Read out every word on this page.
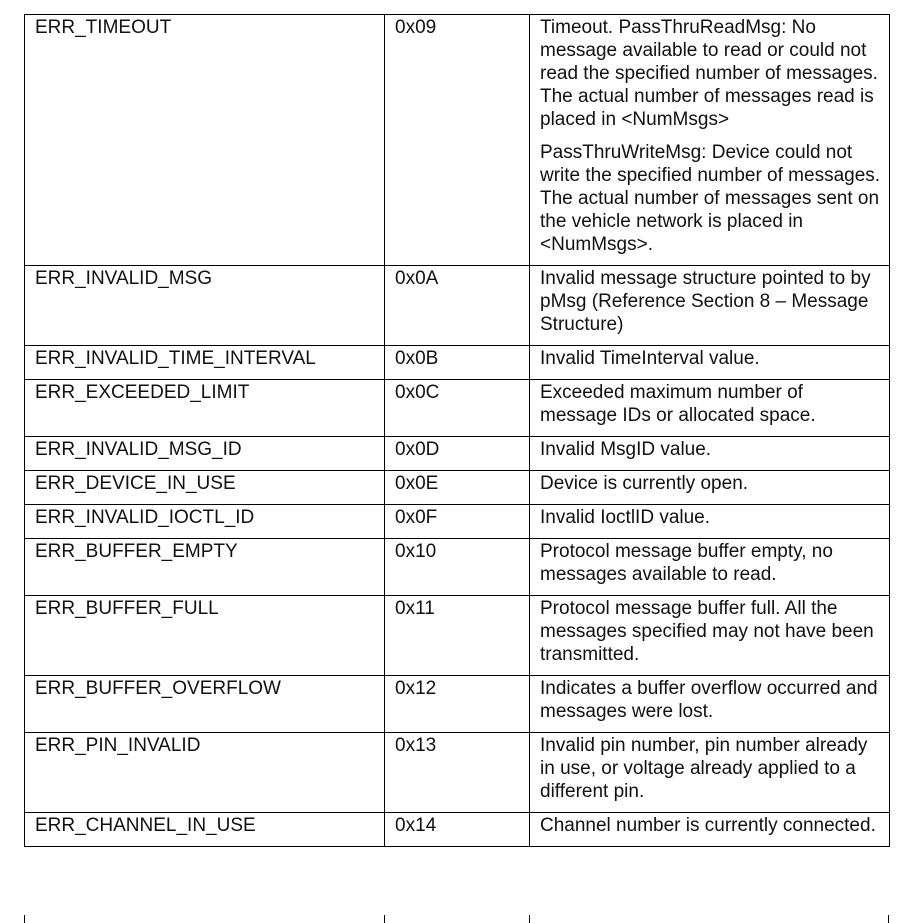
ERR_TIMEOUT	0x09	Timeout. PassThruReadMsg: No message available to read or could not read the specified number of messages. The actual number of messages read is placed in <NumMsgs>

PassThruWriteMsg: Device could not write the specified number of messages. The actual number of messages sent on the vehicle network is placed in <NumMsgs>.

ERR_INVALID_MSG	0x0A	Invalid message structure pointed to by pMsg (Reference Section 8 – Message Structure)

ERR_INVALID_TIME_INTERVAL	0x0B	Invalid TimeInterval value.

ERR_EXCEEDED_LIMIT	0x0C	Exceeded maximum number of message IDs or allocated space.

ERR_INVALID_MSG_ID	0x0D	Invalid MsgID value.

ERR_DEVICE_IN_USE	0x0E	Device is currently open.

ERR_INVALID_IOCTL_ID	0x0F	Invalid IoctlID value.

ERR_BUFFER_EMPTY	0x10	Protocol message buffer empty, no messages available to read.

ERR_BUFFER_FULL	0x11	Protocol message buffer full. All the messages specified may not have been transmitted.

ERR_BUFFER_OVERFLOW	0x12	Indicates a buffer overflow occurred and messages were lost.

ERR_PIN_INVALID	0x13	Invalid pin number, pin number already in use, or voltage already applied to a different pin.

ERR_CHANNEL_IN_USE	0x14	Channel number is currently connected.
